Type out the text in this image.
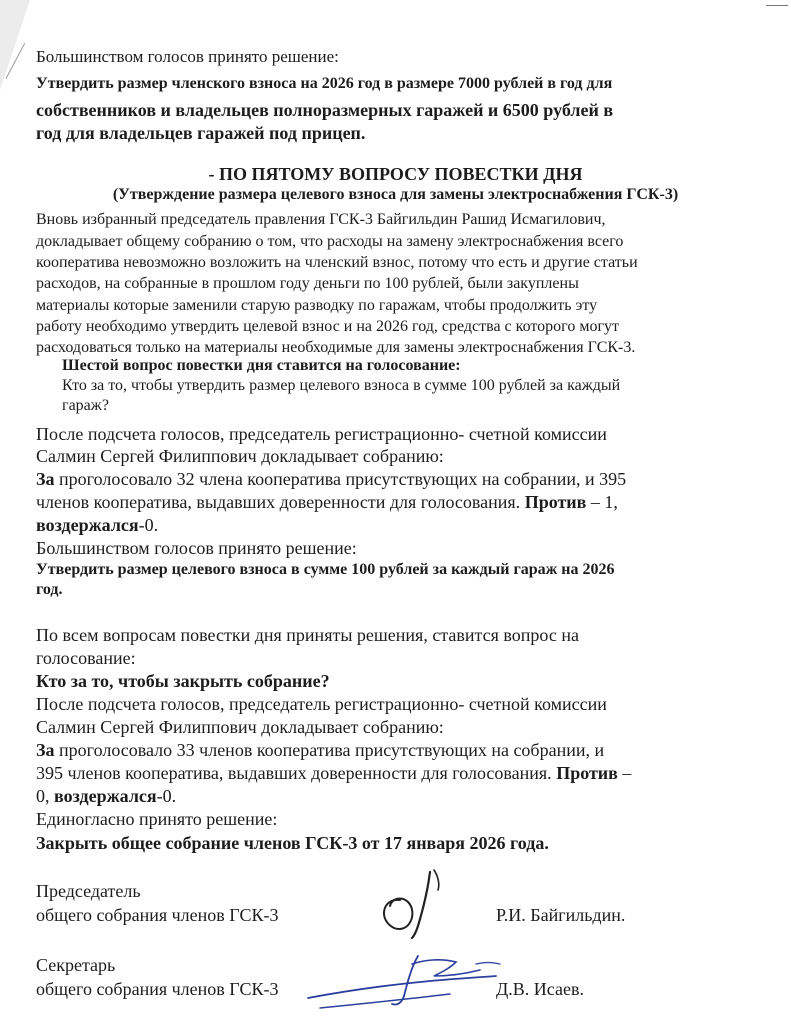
Большинством голосов принято решение:
Утвердить размер членского взноса на 2026 год в размере 7000 рублей в год для
собственников и владельцев полноразмерных гаражей и 6500 рублей в
год для владельцев гаражей под прицеп.
- ПО ПЯТОМУ ВОПРОСУ ПОВЕСТКИ ДНЯ
(Утверждение размера целевого взноса для замены электроснабжения ГСК-3)
Вновь избранный председатель правления ГСК-3 Байгильдин Рашид Исмагилович,
докладывает общему собранию о том, что расходы на замену электроснабжения всего
кооператива невозможно возложить на членский взнос, потому что есть и другие статьи
расходов, на собранные в прошлом году деньги по 100 рублей, были закуплены
материалы которые заменили старую разводку по гаражам, чтобы продолжить эту
работу необходимо утвердить целевой взнос и на 2026 год, средства с которого могут
расходоваться только на материалы необходимые для замены электроснабжения ГСК-3.
Шестой вопрос повестки дня ставится на голосование:
Кто за то, чтобы утвердить размер целевого взноса в сумме 100 рублей за каждый
гараж?
После подсчета голосов, председатель регистрационно- счетной комиссии
Салмин Сергей Филиппович докладывает собранию:
За проголосовало 32 члена кооператива присутствующих на собрании, и 395
членов кооператива, выдавших доверенности для голосования. Против – 1,
воздержался-0.
Большинством голосов принято решение:
Утвердить размер целевого взноса в сумме 100 рублей за каждый гараж на 2026
год.
По всем вопросам повестки дня приняты решения, ставится вопрос на
голосование:
Кто за то, чтобы закрыть собрание?
После подсчета голосов, председатель регистрационно- счетной комиссии
Салмин Сергей Филиппович докладывает собранию:
За проголосовало 33 членов кооператива присутствующих на собрании, и
395 членов кооператива, выдавших доверенности для голосования. Против –
0, воздержался-0.
Единогласно принято решение:
Закрыть общее собрание членов ГСК-3 от 17 января 2026 года.
Председатель
общего собрания членов ГСК-3	Р.И. Байгильдин.
Секретарь
общего собрания членов ГСК-3	Д.В. Исаев.
